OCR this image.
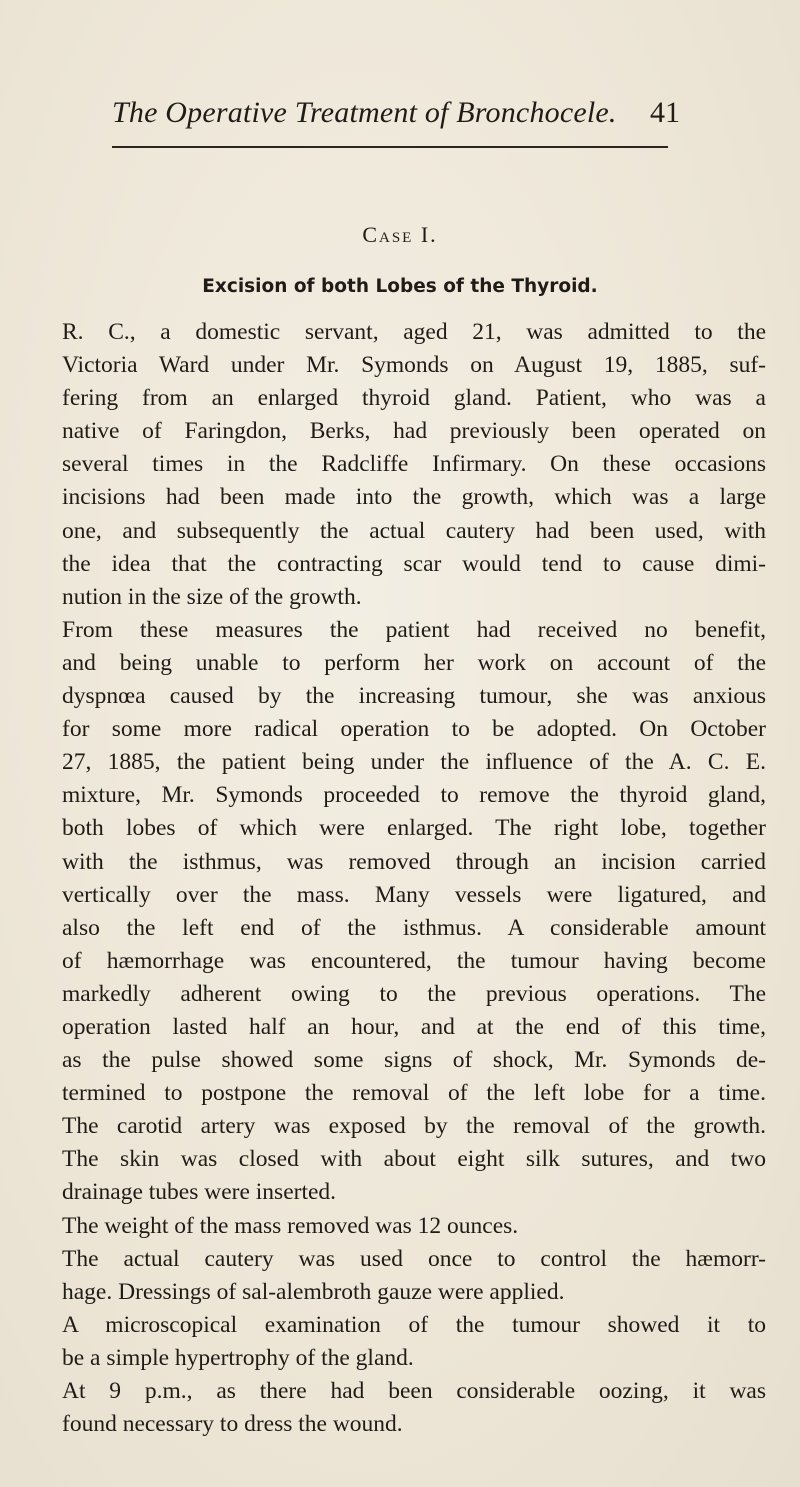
The Operative Treatment of Bronchocele. 41
Case I.
Excision of both Lobes of the Thyroid.
R. C., a domestic servant, aged 21, was admitted to the
Victoria Ward under Mr. Symonds on August 19, 1885, suf-
fering from an enlarged thyroid gland. Patient, who was a
native of Faringdon, Berks, had previously been operated on
several times in the Radcliffe Infirmary. On these occasions
incisions had been made into the growth, which was a large
one, and subsequently the actual cautery had been used, with
the idea that the contracting scar would tend to cause dimi-
nution in the size of the growth.
From these measures the patient had received no benefit,
and being unable to perform her work on account of the
dyspnœa caused by the increasing tumour, she was anxious
for some more radical operation to be adopted. On October
27, 1885, the patient being under the influence of the A. C. E.
mixture, Mr. Symonds proceeded to remove the thyroid gland,
both lobes of which were enlarged. The right lobe, together
with the isthmus, was removed through an incision carried
vertically over the mass. Many vessels were ligatured, and
also the left end of the isthmus. A considerable amount
of hæmorrhage was encountered, the tumour having become
markedly adherent owing to the previous operations. The
operation lasted half an hour, and at the end of this time,
as the pulse showed some signs of shock, Mr. Symonds de-
termined to postpone the removal of the left lobe for a time.
The carotid artery was exposed by the removal of the growth.
The skin was closed with about eight silk sutures, and two
drainage tubes were inserted.
The weight of the mass removed was 12 ounces.
The actual cautery was used once to control the hæmorr-
hage. Dressings of sal-alembroth gauze were applied.
A microscopical examination of the tumour showed it to
be a simple hypertrophy of the gland.
At 9 p.m., as there had been considerable oozing, it was
found necessary to dress the wound.
